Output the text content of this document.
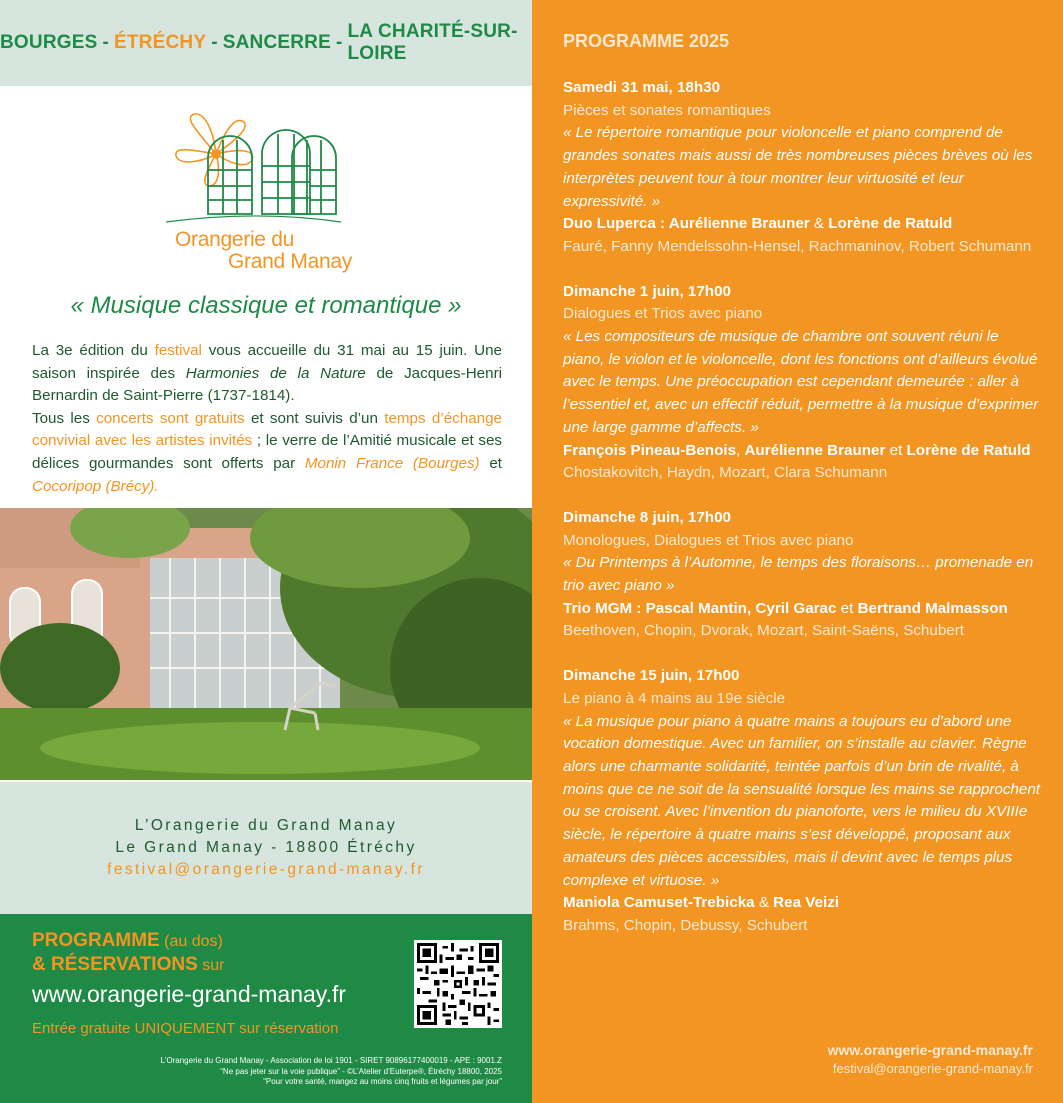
BOURGES - ÉTRÉCHY - SANCERRE -
LA CHARITÉ-SUR-LOIRE
Orangerie du
Grand Manay
« Musique classique et romantique »
La 3e édition du festival vous accueille du 31 mai au 15 juin. Une saison inspirée des Harmonies de la Nature de Jacques-Henri Bernardin de Saint-Pierre (1737-1814).
Tous les concerts sont gratuits et sont suivis d’un temps d’échange convivial avec les artistes invités ; le verre de l’Amitié musicale et ses délices gourmandes sont offerts par Monin France (Bourges) et Cocoripop (Brécy).
L’Orangerie du Grand Manay
Le Grand Manay - 18800 Étréchy
festival@orangerie-grand-manay.fr
PROGRAMME (au dos)
& RÉSERVATIONS sur
www.orangerie-grand-manay.fr
Entrée gratuite UNIQUEMENT sur réservation
L’Orangerie du Grand Manay - Association de loi 1901 - SIRET 90896177400019 - APE : 9001.Z
“Ne pas jeter sur la voie publique” - ©L’Atelier d’Euterpe®, Étréchy 18800, 2025
“Pour votre santé, mangez au moins cinq fruits et légumes par jour”
PROGRAMME 2025
Samedi 31 mai, 18h30
Pièces et sonates romantiques
« Le répertoire romantique pour violoncelle et piano comprend de grandes sonates mais aussi de très nombreuses pièces brèves où les interprètes peuvent tour à tour montrer leur virtuosité et leur expressivité. »
Duo Luperca : Aurélienne Brauner & Lorène de Ratuld
Fauré, Fanny Mendelssohn-Hensel, Rachmaninov, Robert Schumann
Dimanche 1 juin, 17h00
Dialogues et Trios avec piano
« Les compositeurs de musique de chambre ont souvent réuni le piano, le violon et le violoncelle, dont les fonctions ont d’ailleurs évolué avec le temps. Une préoccupation est cependant demeurée : aller à l’essentiel et, avec un effectif réduit, permettre à la musique d’exprimer une large gamme d’affects. »
François Pineau-Benois, Aurélienne Brauner et Lorène de Ratuld
Chostakovitch, Haydn, Mozart, Clara Schumann
Dimanche 8 juin, 17h00
Monologues, Dialogues et Trios avec piano
« Du Printemps à l’Automne, le temps des floraisons… promenade en trio avec piano »
Trio MGM : Pascal Mantin, Cyril Garac et Bertrand Malmasson
Beethoven, Chopin, Dvorak, Mozart, Saint-Saëns, Schubert
Dimanche 15 juin, 17h00
Le piano à 4 mains au 19e siècle
« La musique pour piano à quatre mains a toujours eu d’abord une vocation domestique. Avec un familier, on s’installe au clavier. Règne alors une charmante solidarité, teintée parfois d’un brin de rivalité, à moins que ce ne soit de la sensualité lorsque les mains se rapprochent ou se croisent. Avec l’invention du pianoforte, vers le milieu du XVIIIe siècle, le répertoire à quatre mains s’est développé, proposant aux amateurs des pièces accessibles, mais il devint avec le temps plus complexe et virtuose. »
Maniola Camuset-Trebicka & Rea Veizi
Brahms, Chopin, Debussy, Schubert
www.orangerie-grand-manay.fr
festival@orangerie-grand-manay.fr
